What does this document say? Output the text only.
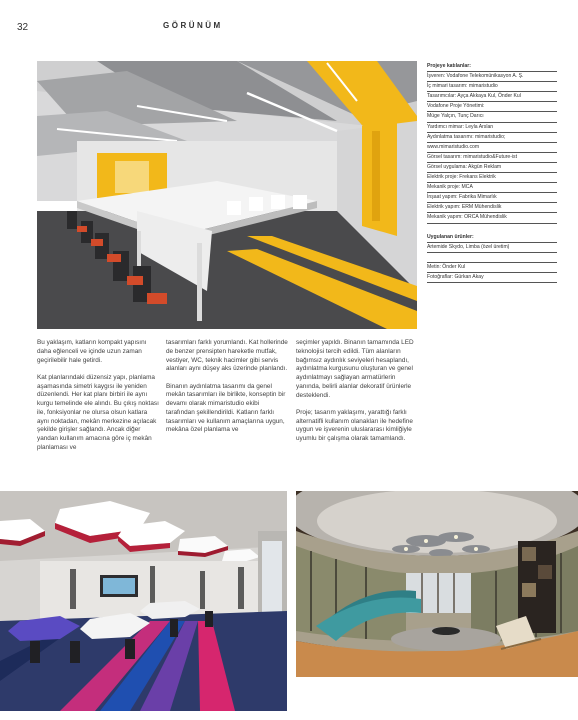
32	GÖRÜNÜM
Projeye katılanlar:
İşveren: Vodafone Telekomünikasyon A. Ş.
İç mimari tasarım: mimaristudio
Tasarımcılar: Ayça Akkaya Kul, Önder Kul
Vodafone Proje Yönetimi:
Müge Yalçın, Tunç Darıcı
Yardımcı mimar: Leyla Arslan
Aydınlatma tasarımı: mimaristudio;
www.mimaristudio.com
Görsel tasarım: mimaristudio&Future-ist
Görsel uygulama: Akgün Reklam
Elektrik proje: Frekans Elektrik
Mekanik proje: MCA
İnşaat yapım: Fabrika Mimarlık
Elektrik yapım: ERM Mühendislik
Mekanik yapım: ORCA Mühendislik
Uygulanan ürünler:
Artemide Skydo, Limba (özel üretim)
Metin: Önder Kul
Fotoğraflar: Gürkan Akay

Bu yaklaşım, katların kompakt yapısını daha eğlenceli ve içinde uzun zaman geçirilebilir hale getirdi.

Kat planlarındaki düzensiz yapı, planlama aşamasında simetri kaygısı ile yeniden düzenlendi. Her kat planı birbiri ile aynı kurgu temelinde ele alındı. Bu çıkış noktası ile, fonksiyonlar ne olursa olsun katlara aynı noktadan, mekân merkezine açılacak şekilde girişler sağlandı. Ancak diğer yandan kullanım amacına göre iç mekân planlaması ve

tasarımları farklı yorumlandı. Kat hollerinde de benzer prensipten hareketle mutfak, vestiyer, WC, teknik hacimler gibi servis alanları aynı düşey aks üzerinde planlandı.

Binanın aydınlatma tasarımı da genel mekân tasarımları ile birlikte, konseptin bir devamı olarak mimaristudio ekibi tarafından şekillendirildi. Katların farklı tasarımları ve kullanım amaçlarına uygun, mekâna özel planlama ve

seçimler yapıldı. Binanın tamamında LED teknolojisi tercih edildi. Tüm alanların bağımsız aydınlık seviyeleri hesaplandı, aydınlatma kurgusunu oluşturan ve genel aydınlatmayı sağlayan armatürlerin yanında, belirli alanlar dekoratif ürünlerle desteklendi.

Proje; tasarım yaklaşımı, yarattığı farklı alternatifli kullanım olanakları ile hedefine uygun ve işverenin uluslararası kimliğiyle uyumlu bir çalışma olarak tamamlandı.
